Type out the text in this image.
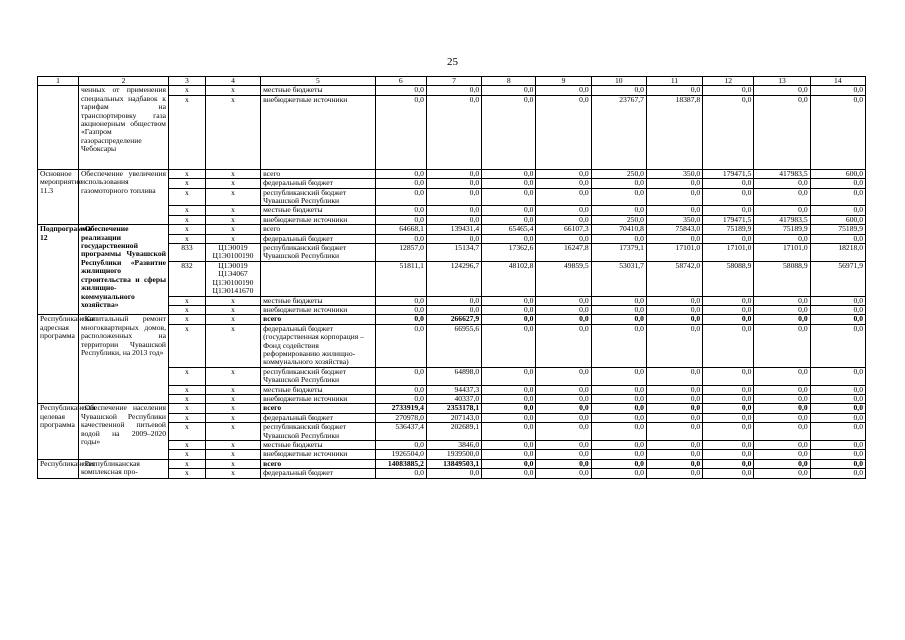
25
1	2	3	4	5	6	7	8	9	10	11	12	13	14
	ченных от применения специальных надбавок к тарифам на транспортировку газа акционерным обществом «Газпром газораспределение Чебоксары	x	x	местные бюджеты	0,0	0,0	0,0	0,0	0,0	0,0	0,0	0,0	0,0
		x	x	внебюджетные источники	0,0	0,0	0,0	0,0	23767,7	18387,8	0,0	0,0	0,0
Основное мероприятие 11.3	Обеспечение увеличения использования газомоторного топлива	x	x	всего	0,0	0,0	0,0	0,0	250,0	350,0	179471,5	417983,5	600,0
		x	x	федеральный бюджет	0,0	0,0	0,0	0,0	0,0	0,0	0,0	0,0	0,0
		x	x	республиканский бюджет Чувашской Республики	0,0	0,0	0,0	0,0	0,0	0,0	0,0	0,0	0,0
		x	x	местные бюджеты	0,0	0,0	0,0	0,0	0,0	0,0	0,0	0,0	0,0
		x	x	внебюджетные источники	0,0	0,0	0,0	0,0	250,0	350,0	179471,5	417983,5	600,0
Подпрограмма 12	«Обеспечение реализации государственной программы Чувашской Республики «Развитие жилищного строительства и сферы жилищно-коммунального хозяйства»	x	x	всего	64668,1	139431,4	65465,4	66107,3	70410,8	75843,0	75189,9	75189,9	75189,9
		x	x	федеральный бюджет	0,0	0,0	0,0	0,0	0,0	0,0	0,0	0,0	0,0
		833	Ц1Э0019 Ц1Э0100190	республиканский бюджет Чувашской Республики	12857,0	15134,7	17362,6	16247,8	17379,1	17101,0	17101,0	17101,0	18218,0
		832	Ц1Э0019 Ц1Э4067 Ц1Э0100190 Ц1Э0141670		51811,1	124296,7	48102,8	49859,5	53031,7	58742,0	58088,9	58088,9	56971,9
		x	x	местные бюджеты	0,0	0,0	0,0	0,0	0,0	0,0	0,0	0,0	0,0
		x	x	внебюджетные источники	0,0	0,0	0,0	0,0	0,0	0,0	0,0	0,0	0,0
Республиканская адресная программа	«Капитальный ремонт многоквартирных домов, расположенных на территории Чувашской Республики, на 2013 год»	x	x	всего	0,0	266627,9	0,0	0,0	0,0	0,0	0,0	0,0	0,0
		x	x	федеральный бюджет (государственная корпорация – Фонд содействия реформированию жилищно-коммунального хозяйства)	0,0	66955,6	0,0	0,0	0,0	0,0	0,0	0,0	0,0
		x	x	республиканский бюджет Чувашской Республики	0,0	64898,0	0,0	0,0	0,0	0,0	0,0	0,0	0,0
		x	x	местные бюджеты	0,0	94437,3	0,0	0,0	0,0	0,0	0,0	0,0	0,0
		x	x	внебюджетные источники	0,0	40337,0	0,0	0,0	0,0	0,0	0,0	0,0	0,0
Республиканская целевая программа	«Обеспечение населения Чувашской Республики качественной питьевой водой на 2009–2020 годы»	x	x	всего	2733919,4	2353178,1	0,0	0,0	0,0	0,0	0,0	0,0	0,0
		x	x	федеральный бюджет	270978,0	207143,0	0,0	0,0	0,0	0,0	0,0	0,0	0,0
		x	x	республиканский бюджет Чувашской Республики	536437,4	202689,1	0,0	0,0	0,0	0,0	0,0	0,0	0,0
		x	x	местные бюджеты	0,0	3846,0	0,0	0,0	0,0	0,0	0,0	0,0	0,0
		x	x	внебюджетные источники	1926504,0	1939500,0	0,0	0,0	0,0	0,0	0,0	0,0	0,0
Республиканская	«Республиканская комплексная про-	x	x	всего	14083885,2	13849503,1	0,0	0,0	0,0	0,0	0,0	0,0	0,0
		x	x	федеральный бюджет	0,0	0,0	0,0	0,0	0,0	0,0	0,0	0,0	0,0
